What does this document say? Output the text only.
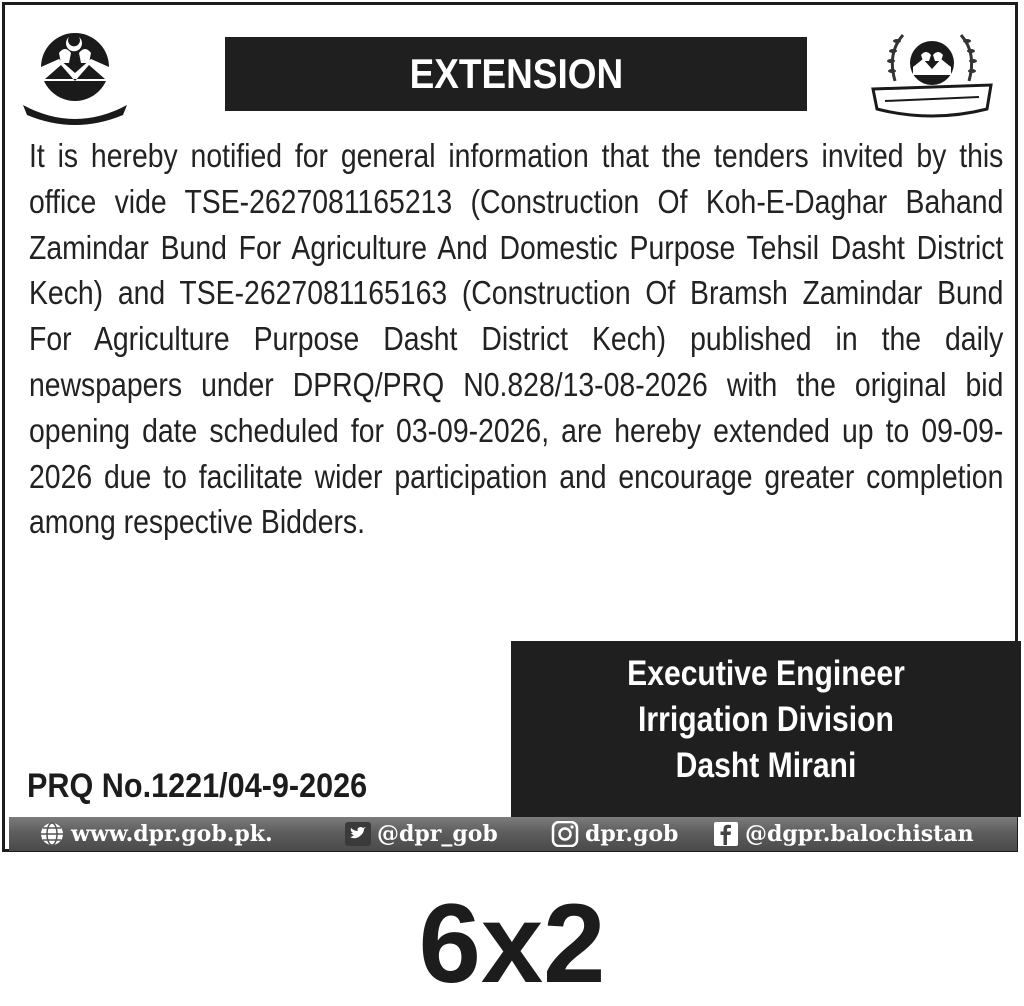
EXTENSION
It is hereby notified for general information that the tenders invited by this office vide TSE-2627081165213 (Construction Of Koh-E-Daghar Bahand Zamindar Bund For Agriculture And Domestic Purpose Tehsil Dasht District Kech) and TSE-2627081165163 (Construction Of Bramsh Zamindar Bund For Agriculture Purpose Dasht District Kech) published in the daily newspapers under DPRQ/PRQ N0.828/13-08-2026 with the original bid opening date scheduled for 03-09-2026, are hereby extended up to 09-09-2026 due to facilitate wider participation and encourage greater completion among respective Bidders.
Executive Engineer
Irrigation Division
Dasht Mirani
PRQ No.1221/04-9-2026
www.dpr.gob.pk.	@dpr_gob	dpr.gob	@dgpr.balochistan
6x2
